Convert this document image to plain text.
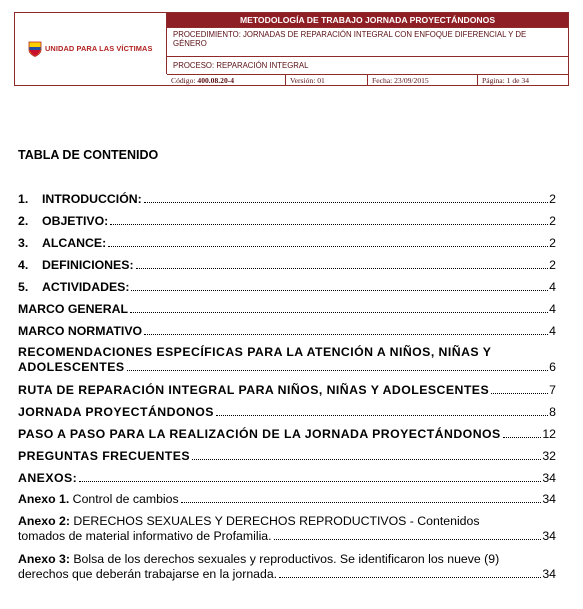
UNIDAD PARA LAS VÍCTIMAS
METODOLOGÍA DE TRABAJO JORNADA PROYECTÁNDONOS
PROCEDIMIENTO: JORNADAS DE REPARACIÓN INTEGRAL CON ENFOQUE DIFERENCIAL Y DE GÉNERO
PROCESO: REPARACIÓN INTEGRAL
Código: 400.08.20-4	Versión: 01	Fecha: 23/09/2015	Página: 1 de 34
TABLA DE CONTENIDO
1.	INTRODUCCIÓN:	2
2.	OBJETIVO:	2
3.	ALCANCE:	2
4.	DEFINICIONES:	2
5.	ACTIVIDADES:	4
MARCO GENERAL	4
MARCO NORMATIVO	4
RECOMENDACIONES ESPECÍFICAS PARA LA ATENCIÓN A NIÑOS, NIÑAS Y
ADOLESCENTES	6
RUTA DE REPARACIÓN INTEGRAL PARA NIÑOS, NIÑAS Y ADOLESCENTES	7
JORNADA PROYECTÁNDONOS	8
PASO A PASO PARA LA REALIZACIÓN DE LA JORNADA PROYECTÁNDONOS	12
PREGUNTAS FRECUENTES	32
ANEXOS:	34
Anexo 1. Control de cambios	34
Anexo 2: DERECHOS SEXUALES Y DERECHOS REPRODUCTIVOS - Contenidos
tomados de material informativo de Profamilia.	34
Anexo 3: Bolsa de los derechos sexuales y reproductivos. Se identificaron los nueve (9)
derechos que deberán trabajarse en la jornada.	34
